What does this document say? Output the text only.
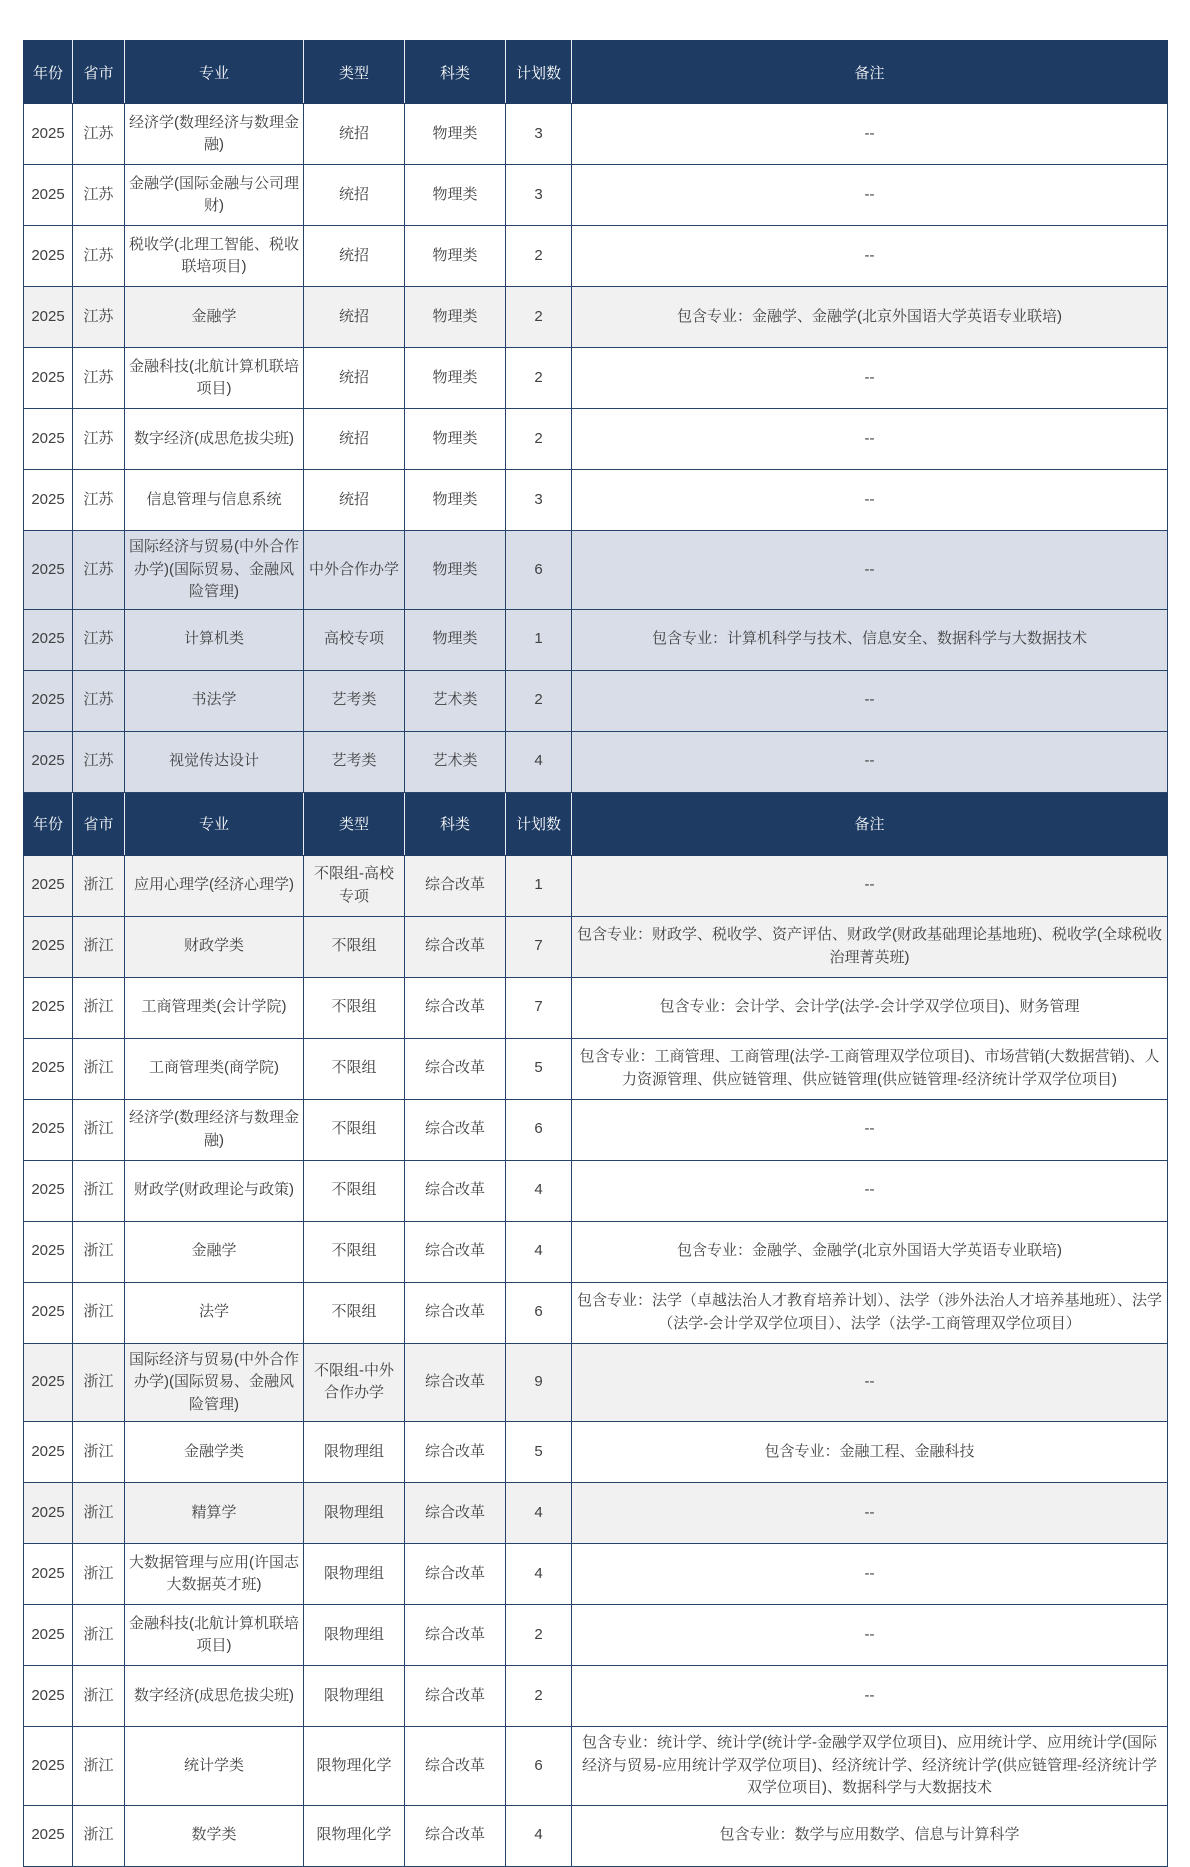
年份	省市	专业	类型	科类	计划数	备注
2025	江苏	经济学(数理经济与数理金融)	统招	物理类	3	--
2025	江苏	金融学(国际金融与公司理财)	统招	物理类	3	--
2025	江苏	税收学(北理工智能、税收联培项目)	统招	物理类	2	--
2025	江苏	金融学	统招	物理类	2	包含专业：金融学、金融学(北京外国语大学英语专业联培)
2025	江苏	金融科技(北航计算机联培项目)	统招	物理类	2	--
2025	江苏	数字经济(成思危拔尖班)	统招	物理类	2	--
2025	江苏	信息管理与信息系统	统招	物理类	3	--
2025	江苏	国际经济与贸易(中外合作办学)(国际贸易、金融风险管理)	中外合作办学	物理类	6	--
2025	江苏	计算机类	高校专项	物理类	1	包含专业：计算机科学与技术、信息安全、数据科学与大数据技术
2025	江苏	书法学	艺考类	艺术类	2	--
2025	江苏	视觉传达设计	艺考类	艺术类	4	--
年份	省市	专业	类型	科类	计划数	备注
2025	浙江	应用心理学(经济心理学)	不限组-高校专项	综合改革	1	--
2025	浙江	财政学类	不限组	综合改革	7	包含专业：财政学、税收学、资产评估、财政学(财政基础理论基地班)、税收学(全球税收治理菁英班)
2025	浙江	工商管理类(会计学院)	不限组	综合改革	7	包含专业：会计学、会计学(法学-会计学双学位项目)、财务管理
2025	浙江	工商管理类(商学院)	不限组	综合改革	5	包含专业：工商管理、工商管理(法学-工商管理双学位项目)、市场营销(大数据营销)、人力资源管理、供应链管理、供应链管理(供应链管理-经济统计学双学位项目)
2025	浙江	经济学(数理经济与数理金融)	不限组	综合改革	6	--
2025	浙江	财政学(财政理论与政策)	不限组	综合改革	4	--
2025	浙江	金融学	不限组	综合改革	4	包含专业：金融学、金融学(北京外国语大学英语专业联培)
2025	浙江	法学	不限组	综合改革	6	包含专业：法学（卓越法治人才教育培养计划）、法学（涉外法治人才培养基地班）、法学（法学-会计学双学位项目）、法学（法学-工商管理双学位项目）
2025	浙江	国际经济与贸易(中外合作办学)(国际贸易、金融风险管理)	不限组-中外合作办学	综合改革	9	--
2025	浙江	金融学类	限物理组	综合改革	5	包含专业：金融工程、金融科技
2025	浙江	精算学	限物理组	综合改革	4	--
2025	浙江	大数据管理与应用(许国志大数据英才班)	限物理组	综合改革	4	--
2025	浙江	金融科技(北航计算机联培项目)	限物理组	综合改革	2	--
2025	浙江	数字经济(成思危拔尖班)	限物理组	综合改革	2	--
2025	浙江	统计学类	限物理化学	综合改革	6	包含专业：统计学、统计学(统计学-金融学双学位项目)、应用统计学、应用统计学(国际经济与贸易-应用统计学双学位项目)、经济统计学、经济统计学(供应链管理-经济统计学双学位项目)、数据科学与大数据技术
2025	浙江	数学类	限物理化学	综合改革	4	包含专业：数学与应用数学、信息与计算科学
